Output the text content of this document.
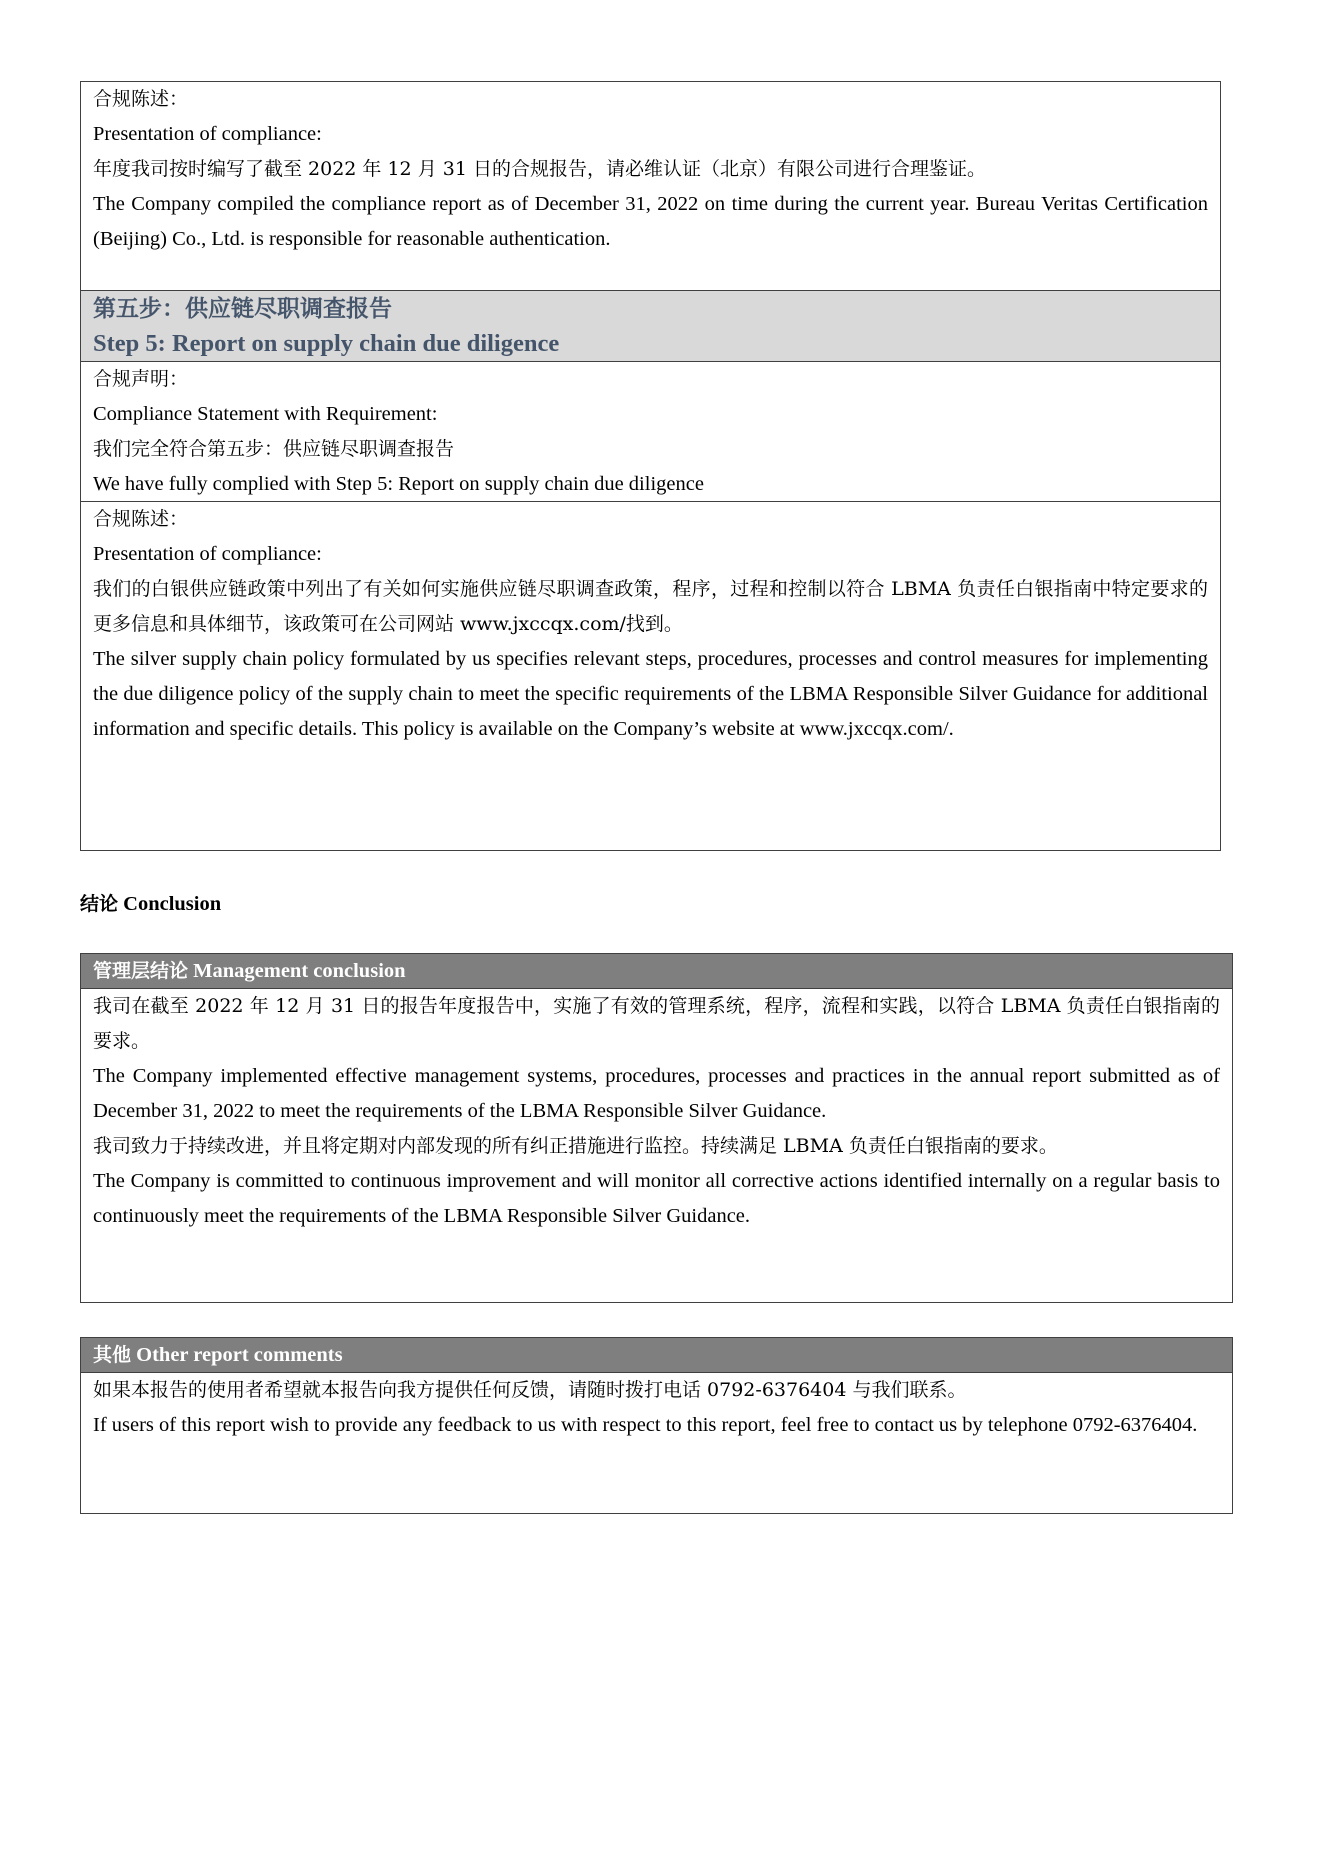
合规陈述：
Presentation of compliance:
年度我司按时编写了截至 2022 年 12 月 31 日的合规报告，请必维认证（北京）有限公司进行合理鉴证。
The Company compiled the compliance report as of December 31, 2022 on time during the current year. Bureau Veritas Certification (Beijing) Co., Ltd. is responsible for reasonable authentication.
第五步：供应链尽职调查报告
Step 5: Report on supply chain due diligence
合规声明：
Compliance Statement with Requirement:
我们完全符合第五步：供应链尽职调查报告
We have fully complied with Step 5: Report on supply chain due diligence
合规陈述：
Presentation of compliance:
我们的白银供应链政策中列出了有关如何实施供应链尽职调查政策，程序，过程和控制以符合 LBMA 负责任白银指南中特定要求的更多信息和具体细节，该政策可在公司网站 www.jxccqx.com/找到。
The silver supply chain policy formulated by us specifies relevant steps, procedures, processes and control measures for implementing the due diligence policy of the supply chain to meet the specific requirements of the LBMA Responsible Silver Guidance for additional information and specific details. This policy is available on the Company’s website at www.jxccqx.com/.
结论 Conclusion
管理层结论 Management conclusion
我司在截至 2022 年 12 月 31 日的报告年度报告中，实施了有效的管理系统，程序，流程和实践，以符合 LBMA 负责任白银指南的要求。
The Company implemented effective management systems, procedures, processes and practices in the annual report submitted as of December 31, 2022 to meet the requirements of the LBMA Responsible Silver Guidance.
我司致力于持续改进，并且将定期对内部发现的所有纠正措施进行监控。持续满足 LBMA 负责任白银指南的要求。
The Company is committed to continuous improvement and will monitor all corrective actions identified internally on a regular basis to continuously meet the requirements of the LBMA Responsible Silver Guidance.
其他 Other report comments
如果本报告的使用者希望就本报告向我方提供任何反馈，请随时拨打电话 0792-6376404 与我们联系。
If users of this report wish to provide any feedback to us with respect to this report, feel free to contact us by telephone 0792-6376404.
